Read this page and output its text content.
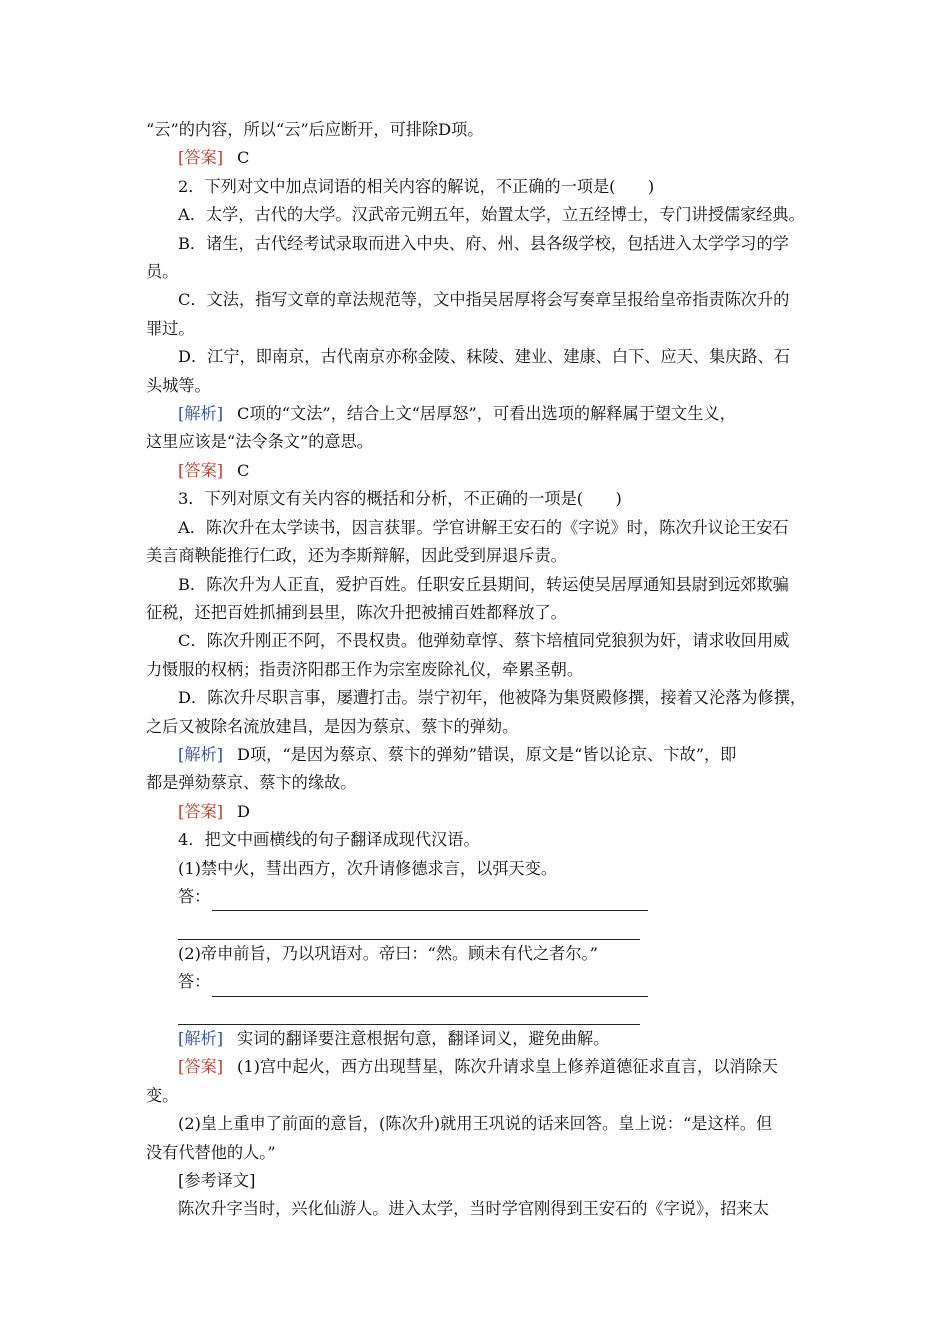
“云”的内容，所以“云”后应断开，可排除D项。

[答案] C

2．下列对文中加点词语的相关内容的解说，不正确的一项是(　　)

A．太学，古代的大学。汉武帝元朔五年，始置太学，立五经博士，专门讲授儒家经典。

B．诸生，古代经考试录取而进入中央、府、州、县各级学校，包括进入太学学习的学

员。

C．文法，指写文章的章法规范等，文中指吴居厚将会写奏章呈报给皇帝指责陈次升的

罪过。

D．江宁，即南京，古代南京亦称金陵、秣陵、建业、建康、白下、应天、集庆路、石

头城等。

[解析] C项的“文法”，结合上文“居厚怒”，可看出选项的解释属于望文生义，

这里应该是“法令条文”的意思。

[答案] C

3．下列对原文有关内容的概括和分析，不正确的一项是(　　)

A．陈次升在太学读书，因言获罪。学官讲解王安石的《字说》时，陈次升议论王安石

美言商鞅能推行仁政，还为李斯辩解，因此受到屏退斥责。

B．陈次升为人正直，爱护百姓。任职安丘县期间，转运使吴居厚通知县尉到远郊欺骗

征税，还把百姓抓捕到县里，陈次升把被捕百姓都释放了。

C．陈次升刚正不阿，不畏权贵。他弹劾章惇、蔡卞培植同党狼狈为奸，请求收回用威

力慑服的权柄；指责济阳郡王作为宗室废除礼仪，牵累圣朝。

D．陈次升尽职言事，屡遭打击。崇宁初年，他被降为集贤殿修撰，接着又沦落为修撰，

之后又被除名流放建昌，是因为蔡京、蔡卞的弹劾。

[解析] D项，“是因为蔡京、蔡卞的弹劾”错误，原文是“皆以论京、卞故”，即

都是弹劾蔡京、蔡卞的缘故。

[答案] D

4．把文中画横线的句子翻译成现代汉语。

(1)禁中火，彗出西方，次升请修德求言，以弭天变。

答：

(2)帝申前旨，乃以巩语对。帝曰：“然。顾未有代之者尔。”

答：

[解析] 实词的翻译要注意根据句意，翻译词义，避免曲解。

[答案] (1)宫中起火，西方出现彗星，陈次升请求皇上修养道德征求直言，以消除天

变。

(2)皇上重申了前面的意旨，(陈次升)就用王巩说的话来回答。皇上说：“是这样。但

没有代替他的人。”

[参考译文]

陈次升字当时，兴化仙游人。进入太学，当时学官刚得到王安石的《字说》，招来太
